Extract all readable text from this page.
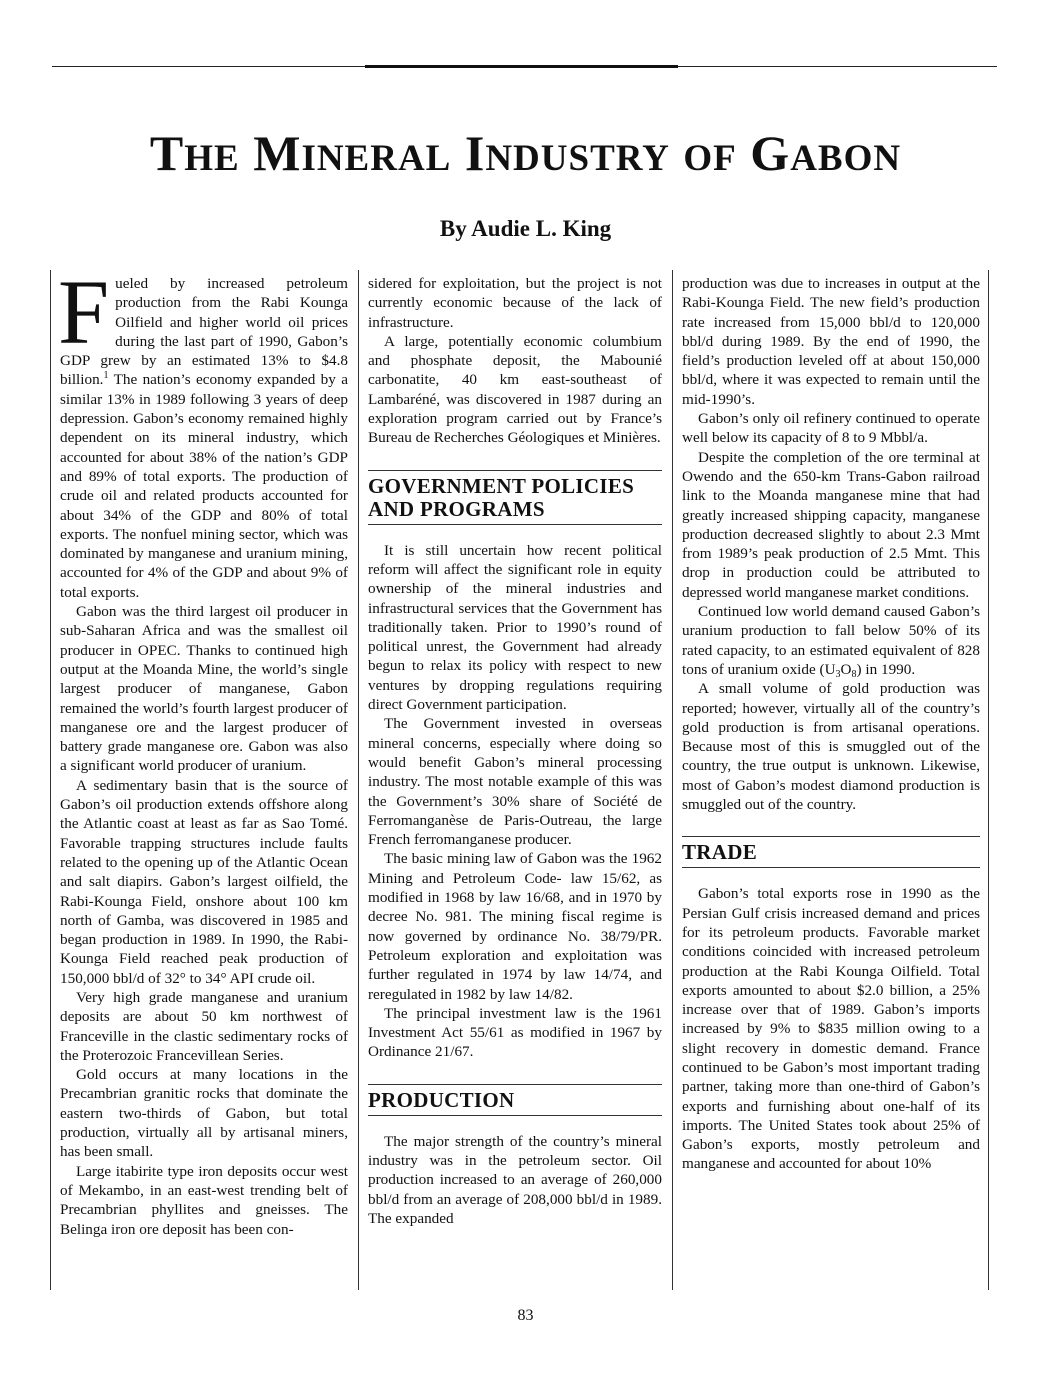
THE MINERAL INDUSTRY OF GABON

By Audie L. King

Fueled by increased petroleum production from the Rabi Kounga Oilfield and higher world oil prices during the last part of 1990, Gabon’s GDP grew by an estimated 13% to $4.8 billion.$^1$ The nation’s economy expanded by a similar 13% in 1989 following 3 years of deep depression. Gabon’s economy remained highly dependent on its mineral industry, which accounted for about 38% of the nation’s GDP and 89% of total exports. The production of crude oil and related products accounted for about 34% of the GDP and 80% of total exports. The nonfuel mining sector, which was dominated by manganese and uranium mining, accounted for 4% of the GDP and about 9% of total exports.

Gabon was the third largest oil producer in sub-Saharan Africa and was the smallest oil producer in OPEC. Thanks to continued high output at the Moanda Mine, the world’s single largest producer of manganese, Gabon remained the world’s fourth largest producer of manganese ore and the largest producer of battery grade manganese ore. Gabon was also a significant world producer of uranium.

A sedimentary basin that is the source of Gabon’s oil production extends offshore along the Atlantic coast at least as far as Sao Tomé. Favorable trapping structures include faults related to the opening up of the Atlantic Ocean and salt diapirs. Gabon’s largest oilfield, the Rabi-Kounga Field, onshore about 100 km north of Gamba, was discovered in 1985 and began production in 1989. In 1990, the Rabi-Kounga Field reached peak production of 150,000 bbl/d of 32° to 34° API crude oil.

Very high grade manganese and uranium deposits are about 50 km northwest of Franceville in the clastic sedimentary rocks of the Proterozoic Francevillean Series.

Gold occurs at many locations in the Precambrian granitic rocks that dominate the eastern two-thirds of Gabon, but total production, virtually all by artisanal miners, has been small.

Large itabirite type iron deposits occur west of Mekambo, in an east-west trending belt of Precambrian phyllites and gneisses. The Belinga iron ore deposit has been con-

sidered for exploitation, but the project is not currently economic because of the lack of infrastructure.

A large, potentially economic columbium and phosphate deposit, the Mabounié carbonatite, 40 km east-southeast of Lambaréné, was discovered in 1987 during an exploration program carried out by France’s Bureau de Recherches Géologiques et Minières.

GOVERNMENT POLICIES
AND PROGRAMS

It is still uncertain how recent political reform will affect the significant role in equity ownership of the mineral industries and infrastructural services that the Government has traditionally taken. Prior to 1990’s round of political unrest, the Government had already begun to relax its policy with respect to new ventures by dropping regulations requiring direct Government participation.

The Government invested in overseas mineral concerns, especially where doing so would benefit Gabon’s mineral processing industry. The most notable example of this was the Government’s 30% share of Société de Ferromanganèse de Paris-Outreau, the large French ferromanganese producer.

The basic mining law of Gabon was the 1962 Mining and Petroleum Code- law 15/62, as modified in 1968 by law 16/68, and in 1970 by decree No. 981. The mining fiscal regime is now governed by ordinance No. 38/79/PR. Petroleum exploration and exploitation was further regulated in 1974 by law 14/74, and reregulated in 1982 by law 14/82.

The principal investment law is the 1961 Investment Act 55/61 as modified in 1967 by Ordinance 21/67.

PRODUCTION

The major strength of the country’s mineral industry was in the petroleum sector. Oil production increased to an average of 260,000 bbl/d from an average of 208,000 bbl/d in 1989. The expanded

production was due to increases in output at the Rabi-Kounga Field. The new field’s production rate increased from 15,000 bbl/d to 120,000 bbl/d during 1989. By the end of 1990, the field’s production leveled off at about 150,000 bbl/d, where it was expected to remain until the mid-1990’s.

Gabon’s only oil refinery continued to operate well below its capacity of 8 to 9 Mbbl/a.

Despite the completion of the ore terminal at Owendo and the 650-km Trans-Gabon railroad link to the Moanda manganese mine that had greatly increased shipping capacity, manganese production decreased slightly to about 2.3 Mmt from 1989’s peak production of 2.5 Mmt. This drop in production could be attributed to depressed world manganese market conditions.

Continued low world demand caused Gabon’s uranium production to fall below 50% of its rated capacity, to an estimated equivalent of 828 tons of uranium oxide $(U_3O_8)$ in 1990.

A small volume of gold production was reported; however, virtually all of the country’s gold production is from artisanal operations. Because most of this is smuggled out of the country, the true output is unknown. Likewise, most of Gabon’s modest diamond production is smuggled out of the country.

TRADE

Gabon’s total exports rose in 1990 as the Persian Gulf crisis increased demand and prices for its petroleum products. Favorable market conditions coincided with increased petroleum production at the Rabi Kounga Oilfield. Total exports amounted to about $2.0 billion, a 25% increase over that of 1989. Gabon’s imports increased by 9% to $835 million owing to a slight recovery in domestic demand. France continued to be Gabon’s most important trading partner, taking more than one-third of Gabon’s exports and furnishing about one-half of its imports. The United States took about 25% of Gabon’s exports, mostly petroleum and manganese and accounted for about 10%

83
